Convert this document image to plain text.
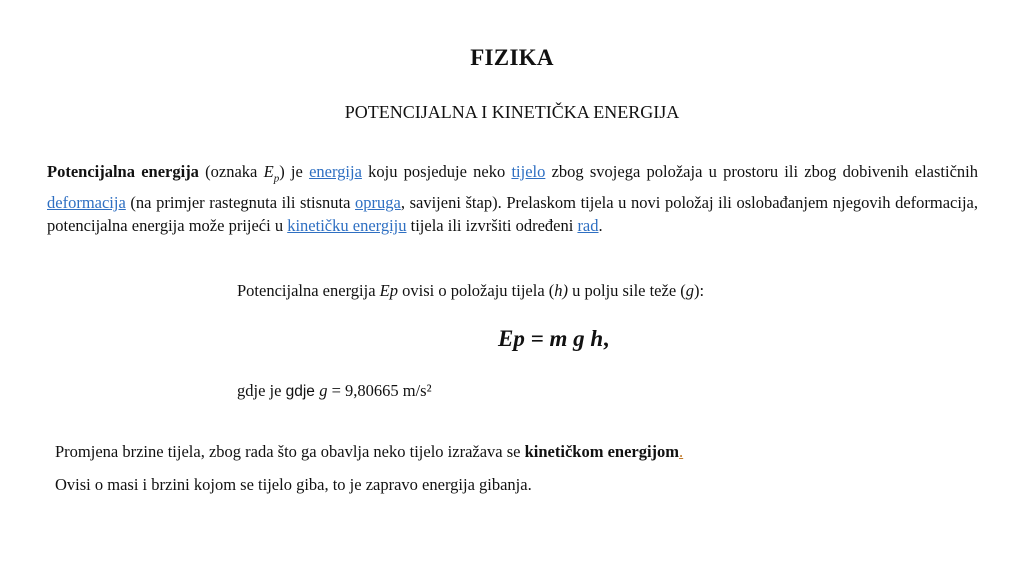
FIZIKA
POTENCIJALNA I KINETIČKA ENERGIJA

Potencijalna energija (oznaka $E_p$) je energija koju posjeduje neko tijelo zbog svojega položaja u prostoru ili zbog dobivenih elastičnih deformacija (na primjer rastegnuta ili stisnuta opruga, savijeni štap). Prelaskom tijela u novi položaj ili oslobađanjem njegovih deformacija, potencijalna energija može prijeći u kinetičku energiju tijela ili izvršiti određeni rad.

Potencijalna energija Ep ovisi o položaju tijela (h) u polju sile teže (g):

Ep = m g h,

gdje je gdje g = 9,80665 m/s²

Promjena brzine tijela, zbog rada što ga obavlja neko tijelo izražava se kinetičkom energijom.

Ovisi o masi i brzini kojom se tijelo giba, to je zapravo energija gibanja.
